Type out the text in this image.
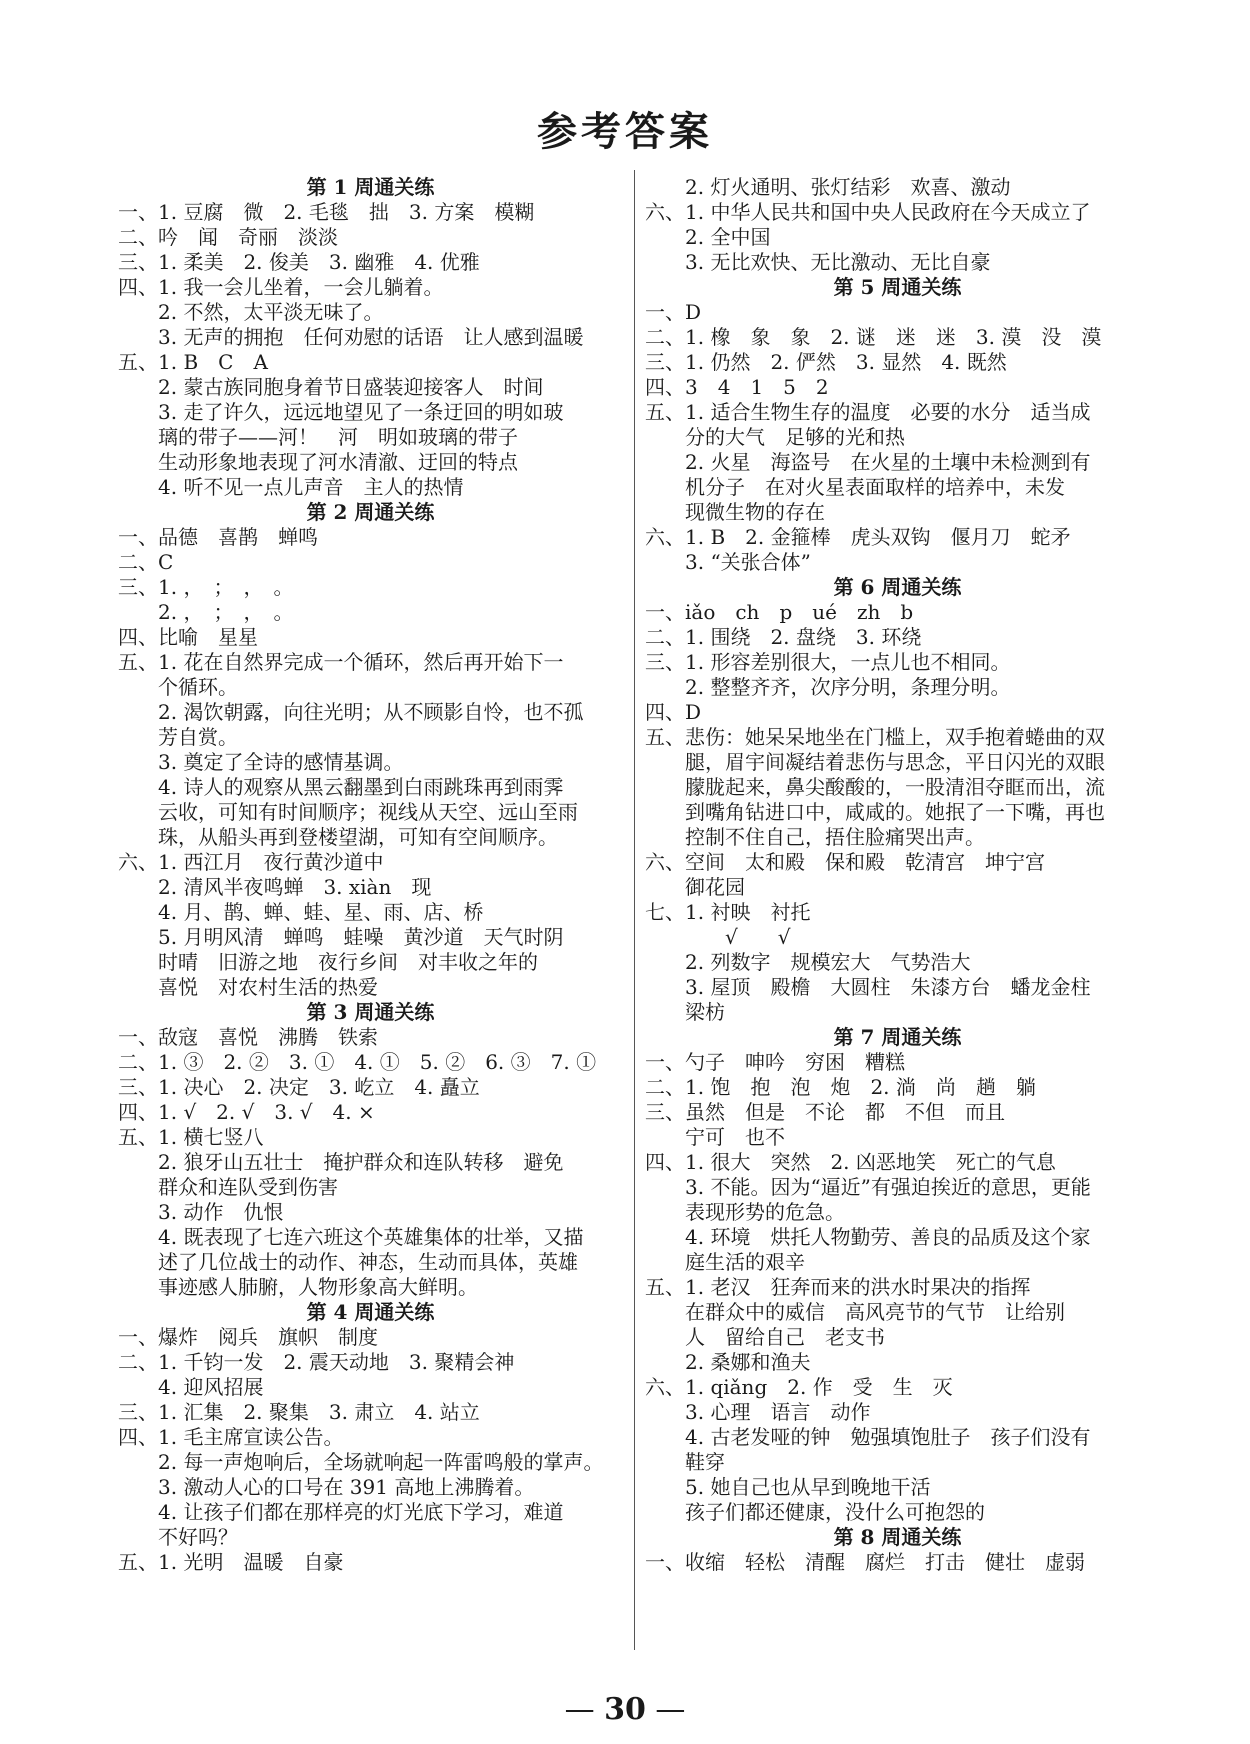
参考答案
第 1 周通关练
一、1. 豆腐　微　2. 毛毯　拙　3. 方案　模糊
二、吟　闻　奇丽　淡淡
三、1. 柔美　2. 俊美　3. 幽雅　4. 优雅
四、1. 我一会儿坐着，一会儿躺着。
　　2. 不然，太平淡无味了。
　　3. 无声的拥抱　任何劝慰的话语　让人感到温暖
五、1. B　C　A
　　2. 蒙古族同胞身着节日盛装迎接客人　时间
　　3. 走了许久，远远地望见了一条迂回的明如玻
　　璃的带子——河！　河　明如玻璃的带子
　　生动形象地表现了河水清澈、迂回的特点
　　4. 听不见一点儿声音　主人的热情
第 2 周通关练
一、品德　喜鹊　蝉鸣
二、C
三、1. ，　；　，　。
　　2. ，　；　，　。
四、比喻　星星
五、1. 花在自然界完成一个循环，然后再开始下一
　　个循环。
　　2. 渴饮朝露，向往光明；从不顾影自怜，也不孤
　　芳自赏。
　　3. 奠定了全诗的感情基调。
　　4. 诗人的观察从黑云翻墨到白雨跳珠再到雨霁
　　云收，可知有时间顺序；视线从天空、远山至雨
　　珠，从船头再到登楼望湖，可知有空间顺序。
六、1. 西江月　夜行黄沙道中
　　2. 清风半夜鸣蝉　3. xiàn　现
　　4. 月、鹊、蝉、蛙、星、雨、店、桥
　　5. 月明风清　蝉鸣　蛙噪　黄沙道　天气时阴
　　时晴　旧游之地　夜行乡间　对丰收之年的
　　喜悦　对农村生活的热爱
第 3 周通关练
一、敌寇　喜悦　沸腾　铁索
二、1. ③　2. ②　3. ①　4. ①　5. ②　6. ③　7. ①
三、1. 决心　2. 决定　3. 屹立　4. 矗立
四、1. √　2. √　3. √　4. ×
五、1. 横七竖八
　　2. 狼牙山五壮士　掩护群众和连队转移　避免
　　群众和连队受到伤害
　　3. 动作　仇恨
　　4. 既表现了七连六班这个英雄集体的壮举，又描
　　述了几位战士的动作、神态，生动而具体，英雄
　　事迹感人肺腑，人物形象高大鲜明。
第 4 周通关练
一、爆炸　阅兵　旗帜　制度
二、1. 千钧一发　2. 震天动地　3. 聚精会神
　　4. 迎风招展
三、1. 汇集　2. 聚集　3. 肃立　4. 站立
四、1. 毛主席宣读公告。
　　2. 每一声炮响后，全场就响起一阵雷鸣般的掌声。
　　3. 激动人心的口号在 391 高地上沸腾着。
　　4. 让孩子们都在那样亮的灯光底下学习，难道
　　不好吗？
五、1. 光明　温暖　自豪
　　2. 灯火通明、张灯结彩　欢喜、激动
六、1. 中华人民共和国中央人民政府在今天成立了
　　2. 全中国
　　3. 无比欢快、无比激动、无比自豪
第 5 周通关练
一、D
二、1. 橡　象　象　2. 谜　迷　迷　3. 漠　没　漠
三、1. 仍然　2. 俨然　3. 显然　4. 既然
四、3　4　1　5　2
五、1. 适合生物生存的温度　必要的水分　适当成
　　分的大气　足够的光和热
　　2. 火星　海盗号　在火星的土壤中未检测到有
　　机分子　在对火星表面取样的培养中，未发
　　现微生物的存在
六、1. B　2. 金箍棒　虎头双钩　偃月刀　蛇矛
　　3. “关张合体”
第 6 周通关练
一、iǎo　ch　p　ué　zh　b
二、1. 围绕　2. 盘绕　3. 环绕
三、1. 形容差别很大，一点儿也不相同。
　　2. 整整齐齐，次序分明，条理分明。
四、D
五、悲伤：她呆呆地坐在门槛上，双手抱着蜷曲的双
　　腿，眉宇间凝结着悲伤与思念，平日闪光的双眼
　　朦胧起来，鼻尖酸酸的，一股清泪夺眶而出，流
　　到嘴角钻进口中，咸咸的。她抿了一下嘴，再也
　　控制不住自己，捂住脸痛哭出声。
六、空间　太和殿　保和殿　乾清宫　坤宁宫
　　御花园
七、1. 衬映　衬托
　　　　√　　√
　　2. 列数字　规模宏大　气势浩大
　　3. 屋顶　殿檐　大圆柱　朱漆方台　蟠龙金柱
　　梁枋
第 7 周通关练
一、勺子　呻吟　穷困　糟糕
二、1. 饱　抱　泡　炮　2. 淌　尚　趟　躺
三、虽然　但是　不论　都　不但　而且
　　宁可　也不
四、1. 很大　突然　2. 凶恶地笑　死亡的气息
　　3. 不能。因为“逼近”有强迫挨近的意思，更能
　　表现形势的危急。
　　4. 环境　烘托人物勤劳、善良的品质及这个家
　　庭生活的艰辛
五、1. 老汉　狂奔而来的洪水时果决的指挥
　　在群众中的威信　高风亮节的气节　让给别
　　人　留给自己　老支书
　　2. 桑娜和渔夫
六、1. qiǎng　2. 作　受　生　灭
　　3. 心理　语言　动作
　　4. 古老发哑的钟　勉强填饱肚子　孩子们没有
　　鞋穿
　　5. 她自己也从早到晚地干活
　　孩子们都还健康，没什么可抱怨的
第 8 周通关练
一、收缩　轻松　清醒　腐烂　打击　健壮　虚弱
— 30 —
